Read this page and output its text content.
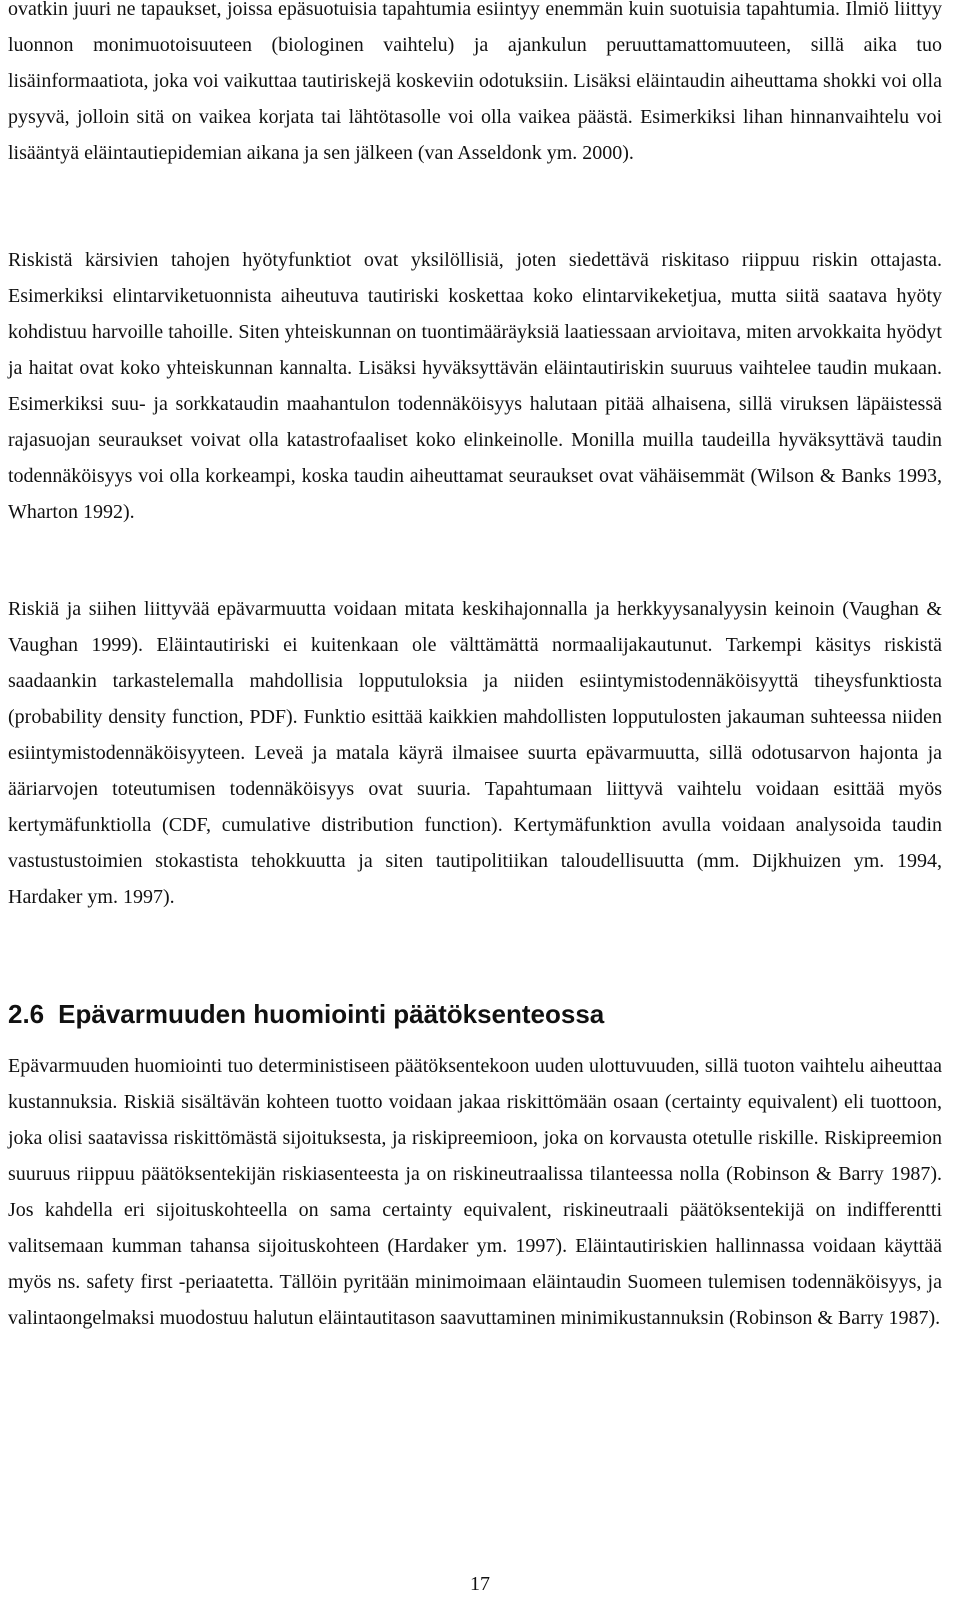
ovatkin juuri ne tapaukset, joissa epäsuotuisia tapahtumia esiintyy enemmän kuin suotuisia tapahtumia. Ilmiö liittyy luonnon monimuotoisuuteen (biologinen vaihtelu) ja ajankulun peruuttamattomuuteen, sillä aika tuo lisäinformaatiota, joka voi vaikuttaa tautiriskejä koskeviin odotuksiin. Lisäksi eläintaudin aiheuttama shokki voi olla pysyvä, jolloin sitä on vaikea korjata tai lähtötasolle voi olla vaikea päästä. Esimerkiksi lihan hinnanvaihtelu voi lisääntyä eläintautiepidemian aikana ja sen jälkeen (van Asseldonk ym. 2000).

Riskistä kärsivien tahojen hyötyfunktiot ovat yksilöllisiä, joten siedettävä riskitaso riippuu riskin ottajasta. Esimerkiksi elintarviketuonnista aiheutuva tautiriski koskettaa koko elintarvikeketjua, mutta siitä saatava hyöty kohdistuu harvoille tahoille. Siten yhteiskunnan on tuontimääräyksiä laatiessaan arvioitava, miten arvokkaita hyödyt ja haitat ovat koko yhteiskunnan kannalta. Lisäksi hyväksyttävän eläintautiriskin suuruus vaihtelee taudin mukaan. Esimerkiksi suu- ja sorkkataudin maahantulon todennäköisyys halutaan pitää alhaisena, sillä viruksen läpäistessä rajasuojan seuraukset voivat olla katastrofaaliset koko elinkeinolle. Monilla muilla taudeilla hyväksyttävä taudin todennäköisyys voi olla korkeampi, koska taudin aiheuttamat seuraukset ovat vähäisemmät (Wilson & Banks 1993, Wharton 1992).

Riskiä ja siihen liittyvää epävarmuutta voidaan mitata keskihajonnalla ja herkkyysanalyysin keinoin (Vaughan & Vaughan 1999). Eläintautiriski ei kuitenkaan ole välttämättä normaalijakautunut. Tarkempi käsitys riskistä saadaankin tarkastelemalla mahdollisia lopputuloksia ja niiden esiintymistodennäköisyyttä tiheysfunktiosta (probability density function, PDF). Funktio esittää kaikkien mahdollisten lopputulosten jakauman suhteessa niiden esiintymistodennäköisyyteen. Leveä ja matala käyrä ilmaisee suurta epävarmuutta, sillä odotusarvon hajonta ja ääriarvojen toteutumisen todennäköisyys ovat suuria. Tapahtumaan liittyvä vaihtelu voidaan esittää myös kertymäfunktiolla (CDF, cumulative distribution function). Kertymäfunktion avulla voidaan analysoida taudin vastustustoimien stokastista tehokkuutta ja siten tautipolitiikan taloudellisuutta (mm. Dijkhuizen ym. 1994, Hardaker ym. 1997).

2.6 Epävarmuuden huomiointi päätöksenteossa

Epävarmuuden huomiointi tuo deterministiseen päätöksentekoon uuden ulottuvuuden, sillä tuoton vaihtelu aiheuttaa kustannuksia. Riskiä sisältävän kohteen tuotto voidaan jakaa riskittömään osaan (certainty equivalent) eli tuottoon, joka olisi saatavissa riskittömästä sijoituksesta, ja riskipreemioon, joka on korvausta otetulle riskille. Riskipreemion suuruus riippuu päätöksentekijän riskiasenteesta ja on riskineutraalissa tilanteessa nolla (Robinson & Barry 1987). Jos kahdella eri sijoituskohteella on sama certainty equivalent, riskineutraali päätöksentekijä on indifferentti valitsemaan kumman tahansa sijoituskohteen (Hardaker ym. 1997). Eläintautiriskien hallinnassa voidaan käyttää myös ns. safety first -periaatetta. Tällöin pyritään minimoimaan eläintaudin Suomeen tulemisen todennäköisyys, ja valintaongelmaksi muodostuu halutun eläintautitason saavuttaminen minimikustannuksin (Robinson & Barry 1987).

17
